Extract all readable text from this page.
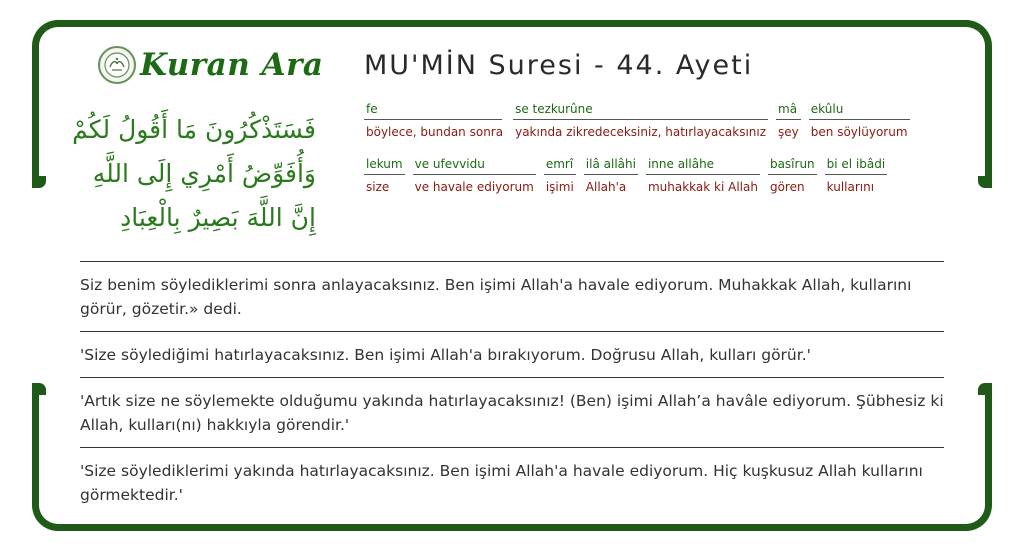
Kuran Ara
فَسَتَذْكُرُونَ مَا أَقُولُ لَكُمْ
وَأُفَوِّضُ أَمْرِي إِلَى اللَّهِ
إِنَّ اللَّهَ بَصِيرٌ بِالْعِبَادِ
MU'MİN Suresi - 44. Ayeti
fe
böylece, bundan sonra
se tezkurûne
yakında zikredeceksiniz, hatırlayacaksınız
mâ
şey
ekûlu
ben söylüyorum
lekum
size
ve ufevvidu
ve havale ediyorum
emrî
işimi
ilâ allâhi
Allah'a
inne allâhe
muhakkak ki Allah
basîrun
gören
bi el ibâdi
kullarını
Siz benim söylediklerimi sonra anlayacaksınız. Ben işimi Allah'a havale ediyorum. Muhakkak Allah, kullarını görür, gözetir.» dedi.
'Size söylediğimi hatırlayacaksınız. Ben işimi Allah'a bırakıyorum. Doğrusu Allah, kulları görür.'
'Artık size ne söylemekte olduğumu yakında hatırlayacaksınız! (Ben) işimi Allah’a havâle ediyorum. Şübhesiz ki Allah, kulları(nı) hakkıyla görendir.'
'Size söylediklerimi yakında hatırlayacaksınız. Ben işimi Allah'a havale ediyorum. Hiç kuşkusuz Allah kullarını görmektedir.'
